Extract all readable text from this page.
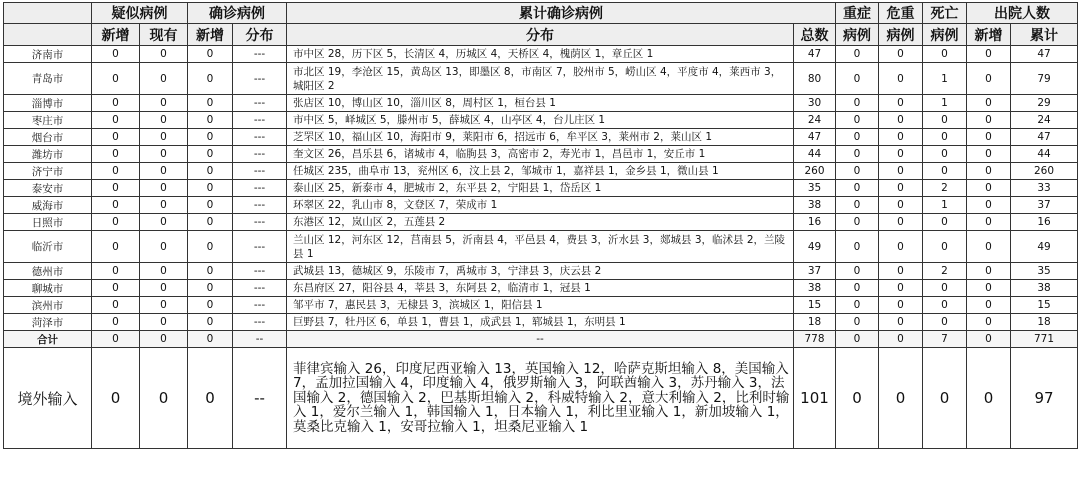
	疑似病例		确诊病例		累计确诊病例		重症	危重	死亡	出院人数	
	新增	现有	新增	分布	分布	总数	病例	病例	病例	新增	累计
济南市	0	0	0	---	市中区 28，历下区 5，长清区 4，历城区 4，天桥区 4，槐荫区 1，章丘区 1	47	0	0	0	0	47
青岛市	0	0	0	---	市北区 19，李沧区 15，黄岛区 13，即墨区 8，市南区 7，胶州市 5，崂山区 4，平度市 4，莱西市 3，城阳区 2	80	0	0	1	0	79
淄博市	0	0	0	---	张店区 10，博山区 10，淄川区 8，周村区 1，桓台县 1	30	0	0	1	0	29
枣庄市	0	0	0	---	市中区 5，峄城区 5，滕州市 5，薛城区 4，山亭区 4，台儿庄区 1	24	0	0	0	0	24
烟台市	0	0	0	---	芝罘区 10，福山区 10，海阳市 9，莱阳市 6，招远市 6，牟平区 3，莱州市 2，莱山区 1	47	0	0	0	0	47
潍坊市	0	0	0	---	奎文区 26，昌乐县 6，诸城市 4，临朐县 3，高密市 2，寿光市 1，昌邑市 1，安丘市 1	44	0	0	0	0	44
济宁市	0	0	0	---	任城区 235，曲阜市 13，兖州区 6，汶上县 2，邹城市 1，嘉祥县 1，金乡县 1，微山县 1	260	0	0	0	0	260
泰安市	0	0	0	---	泰山区 25，新泰市 4，肥城市 2，东平县 2，宁阳县 1，岱岳区 1	35	0	0	2	0	33
威海市	0	0	0	---	环翠区 22，乳山市 8，文登区 7，荣成市 1	38	0	0	1	0	37
日照市	0	0	0	---	东港区 12，岚山区 2，五莲县 2	16	0	0	0	0	16
临沂市	0	0	0	---	兰山区 12，河东区 12，莒南县 5，沂南县 4，平邑县 4，费县 3，沂水县 3，郯城县 3，临沭县 2，兰陵县 1	49	0	0	0	0	49
德州市	0	0	0	---	武城县 13，德城区 9，乐陵市 7，禹城市 3，宁津县 3，庆云县 2	37	0	0	2	0	35
聊城市	0	0	0	---	东昌府区 27，阳谷县 4，莘县 3，东阿县 2，临清市 1，冠县 1	38	0	0	0	0	38
滨州市	0	0	0	---	邹平市 7，惠民县 3，无棣县 3，滨城区 1，阳信县 1	15	0	0	0	0	15
菏泽市	0	0	0	---	巨野县 7，牡丹区 6，单县 1，曹县 1，成武县 1，郓城县 1，东明县 1	18	0	0	0	0	18
合计	0	0	0	--	--	778	0	0	7	0	771
境外输入	0	0	0	--	菲律宾输入 26，印度尼西亚输入 13，英国输入 12，哈萨克斯坦输入 8，美国输入 7，孟加拉国输入 4，印度输入 4，俄罗斯输入 3，阿联酋输入 3，苏丹输入 3，法国输入 2，德国输入 2，巴基斯坦输入 2，科威特输入 2，意大利输入 2，比利时输入 1，爱尔兰输入 1，韩国输入 1，日本输入 1，利比里亚输入 1，新加坡输入 1，莫桑比克输入 1，安哥拉输入 1，坦桑尼亚输入 1	101	0	0	0	0	97
